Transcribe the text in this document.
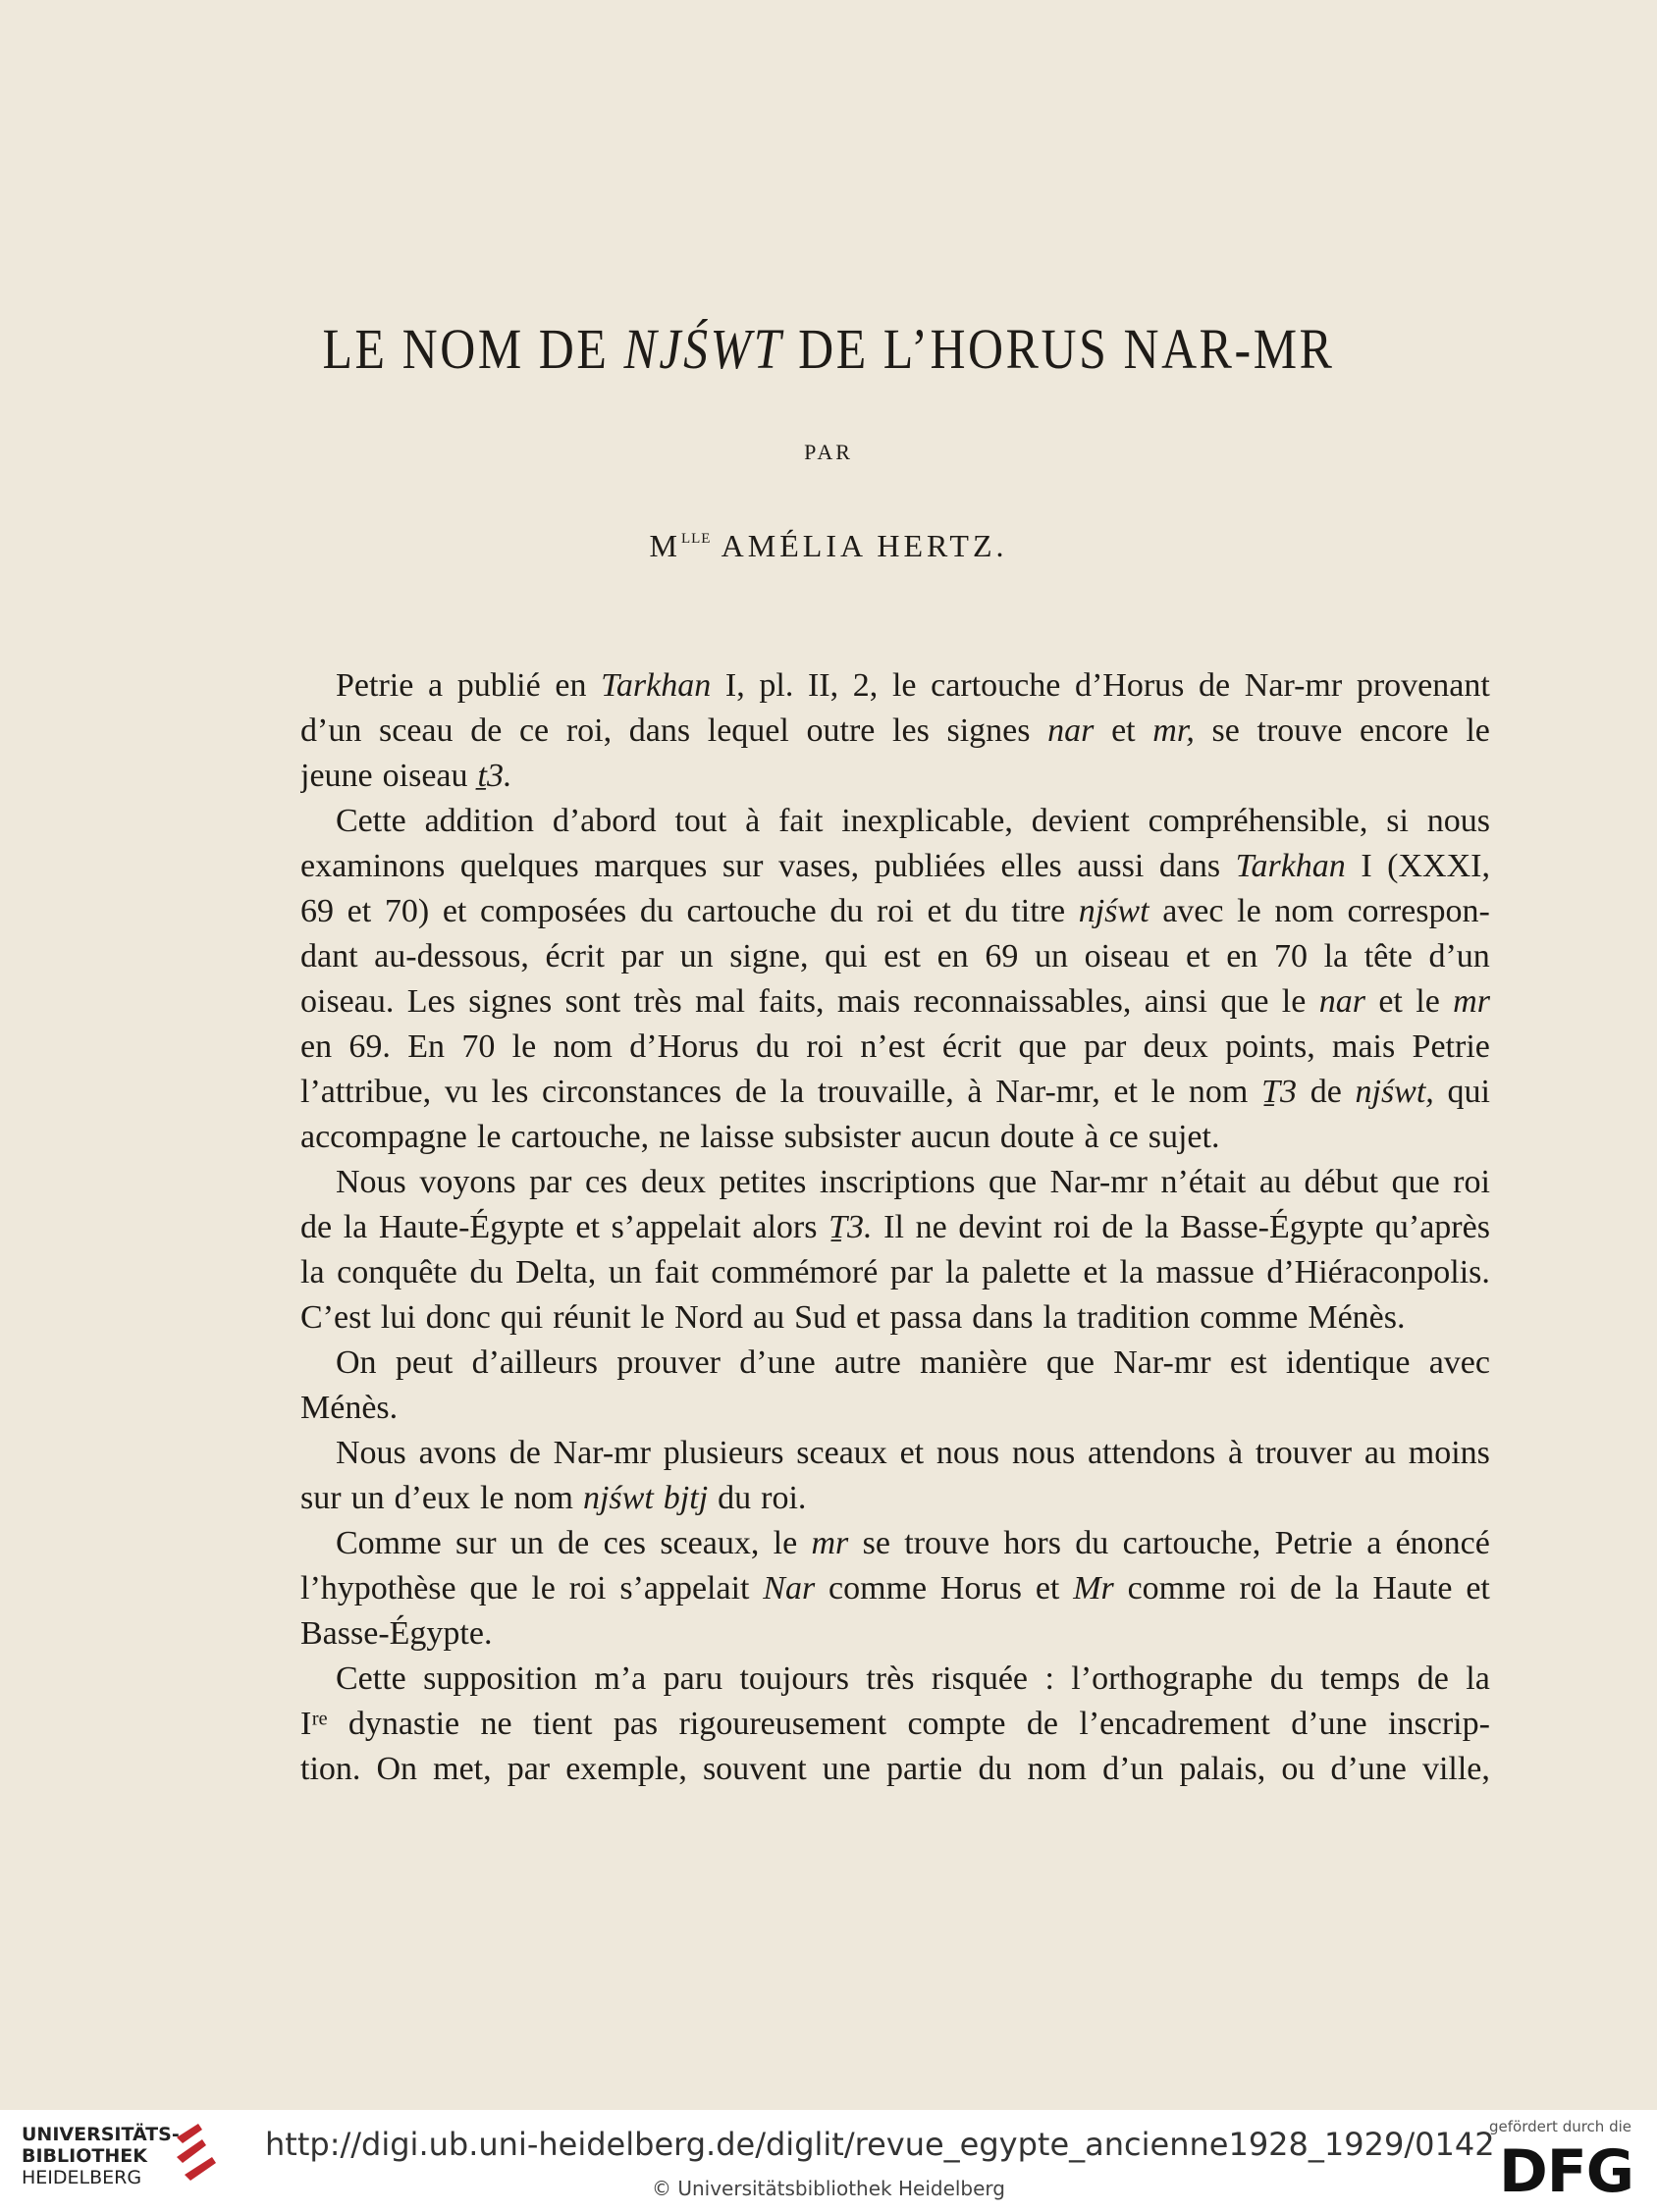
LE NOM DE NJŚWT DE L’HORUS NAR-MR
PAR
$M^{LLE}$ AMÉLIA HERTZ.
Petrie a publié en Tarkhan I, pl. II, 2, le cartouche d’Horus de Nar-mr provenant
d’un sceau de ce roi, dans lequel outre les signes nar et mr, se trouve encore le
jeune oiseau ṯ3.
Cette addition d’abord tout à fait inexplicable, devient compréhensible, si nous
examinons quelques marques sur vases, publiées elles aussi dans Tarkhan I (XXXI,
69 et 70) et composées du cartouche du roi et du titre njśwt avec le nom correspon-
dant au-dessous, écrit par un signe, qui est en 69 un oiseau et en 70 la tête d’un
oiseau. Les signes sont très mal faits, mais reconnaissables, ainsi que le nar et le mr
en 69. En 70 le nom d’Horus du roi n’est écrit que par deux points, mais Petrie
l’attribue, vu les circonstances de la trouvaille, à Nar-mr, et le nom Ṯ3 de njśwt, qui
accompagne le cartouche, ne laisse subsister aucun doute à ce sujet.
Nous voyons par ces deux petites inscriptions que Nar-mr n’était au début que roi
de la Haute-Égypte et s’appelait alors Ṯ3. Il ne devint roi de la Basse-Égypte qu’après
la conquête du Delta, un fait commémoré par la palette et la massue d’Hiéraconpolis.
C’est lui donc qui réunit le Nord au Sud et passa dans la tradition comme Ménès.
On peut d’ailleurs prouver d’une autre manière que Nar-mr est identique avec
Ménès.
Nous avons de Nar-mr plusieurs sceaux et nous nous attendons à trouver au moins
sur un d’eux le nom njśwt bjtj du roi.
Comme sur un de ces sceaux, le mr se trouve hors du cartouche, Petrie a énoncé
l’hypothèse que le roi s’appelait Nar comme Horus et Mr comme roi de la Haute et
Basse-Égypte.
Cette supposition m’a paru toujours très risquée : l’orthographe du temps de la
Iʳᵉ dynastie ne tient pas rigoureusement compte de l’encadrement d’une inscrip-
tion. On met, par exemple, souvent une partie du nom d’un palais, ou d’une ville,
UNIVERSITÄTS-
BIBLIOTHEK
HEIDELBERG
http://digi.ub.uni-heidelberg.de/diglit/revue_egypte_ancienne1928_1929/0142
© Universitätsbibliothek Heidelberg
gefördert durch die
DFG
